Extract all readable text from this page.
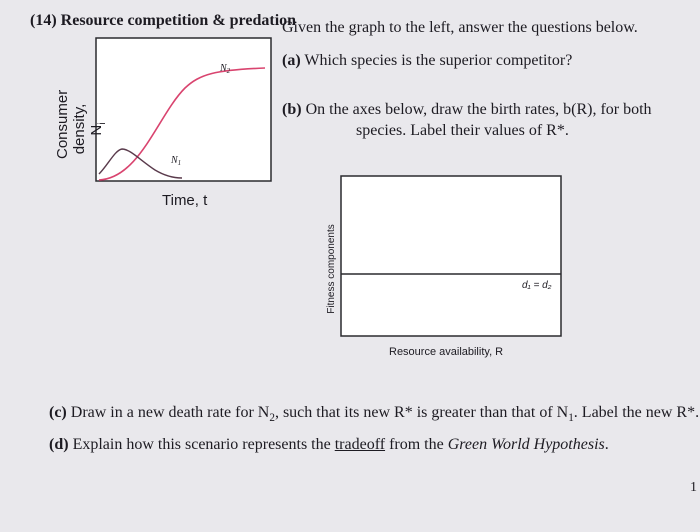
(14) Resource competition & predation
Given the graph to the left, answer the questions below.
(a) Which species is the superior competitor?
(b) On the axes below, draw the birth rates, b(R), for both
species. Label their values of R*.
$N_2$
$N_1$
d₁ = d₂
Consumer density, $N_i$
Time, t
Fitness components
Resource availability, R
(c) Draw in a new death rate for $N_2$, such that its new R* is greater than that of $N_1$. Label the new R*.
(d) Explain how this scenario represents the tradeoff from the Green World Hypothesis.
1
